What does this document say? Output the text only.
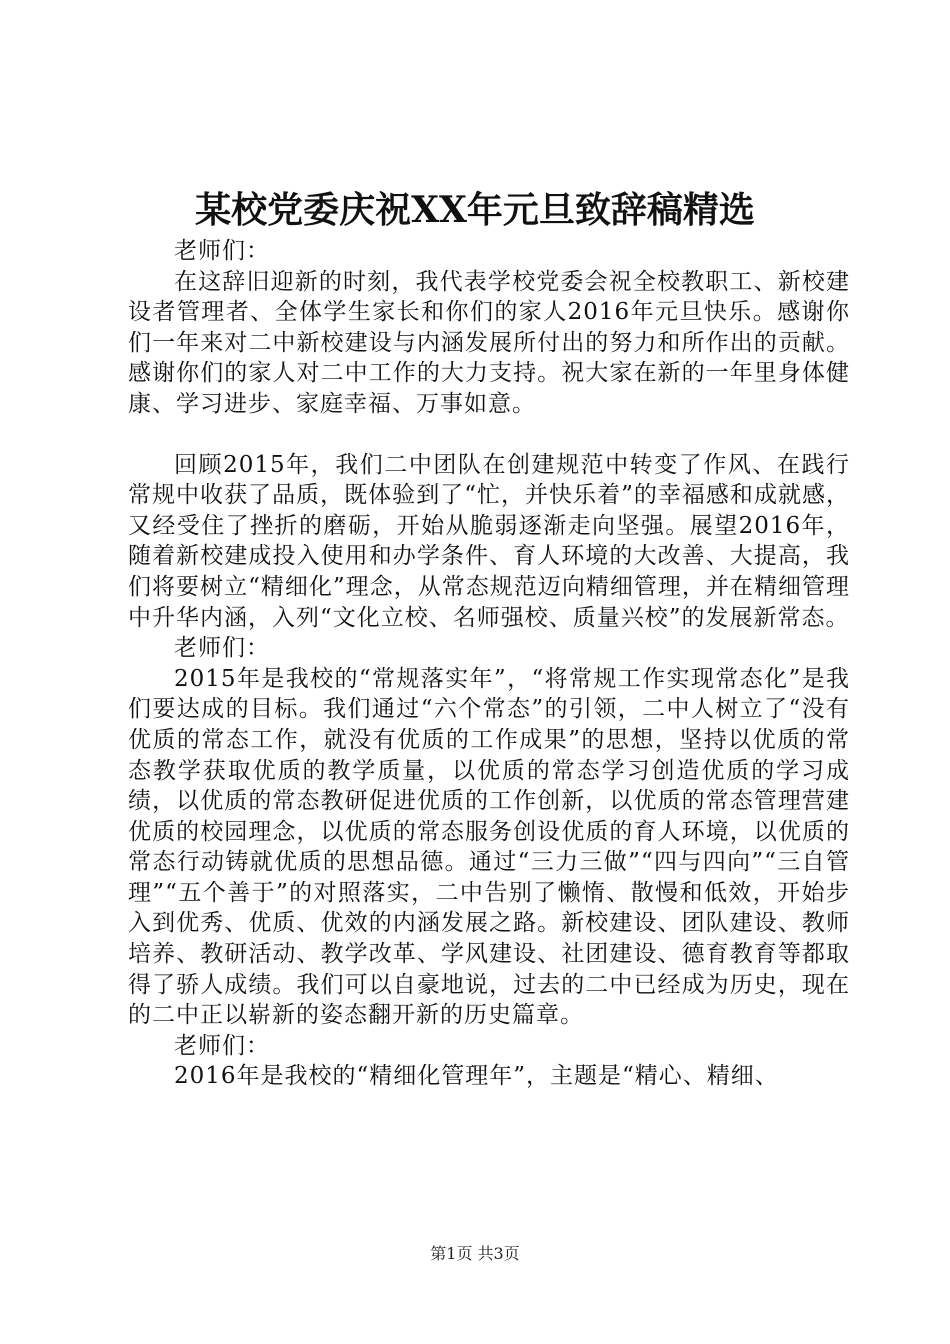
某校党委庆祝XX年元旦致辞稿精选

老师们：

在这辞旧迎新的时刻，我代表学校党委会祝全校教职工、新校建设者管理者、全体学生家长和你们的家人2016年元旦快乐。感谢你们一年来对二中新校建设与内涵发展所付出的努力和所作出的贡献。感谢你们的家人对二中工作的大力支持。祝大家在新的一年里身体健康、学习进步、家庭幸福、万事如意。

回顾2015年，我们二中团队在创建规范中转变了作风、在践行常规中收获了品质，既体验到了“忙，并快乐着”的幸福感和成就感，又经受住了挫折的磨砺，开始从脆弱逐渐走向坚强。展望2016年，随着新校建成投入使用和办学条件、育人环境的大改善、大提高，我们将要树立“精细化”理念，从常态规范迈向精细管理，并在精细管理中升华内涵，入列“文化立校、名师强校、质量兴校”的发展新常态。

老师们：

2015年是我校的“常规落实年”，“将常规工作实现常态化”是我们要达成的目标。我们通过“六个常态”的引领，二中人树立了“没有优质的常态工作，就没有优质的工作成果”的思想，坚持以优质的常态教学获取优质的教学质量，以优质的常态学习创造优质的学习成绩，以优质的常态教研促进优质的工作创新，以优质的常态管理营建优质的校园理念，以优质的常态服务创设优质的育人环境，以优质的常态行动铸就优质的思想品德。通过“三力三做”“四与四向”“三自管理”“五个善于”的对照落实，二中告别了懒惰、散慢和低效，开始步入到优秀、优质、优效的内涵发展之路。新校建设、团队建设、教师培养、教研活动、教学改革、学风建设、社团建设、德育教育等都取得了骄人成绩。我们可以自豪地说，过去的二中已经成为历史，现在的二中正以崭新的姿态翻开新的历史篇章。

老师们：

2016年是我校的“精细化管理年”，主题是“精心、精细、

第1页 共3页
